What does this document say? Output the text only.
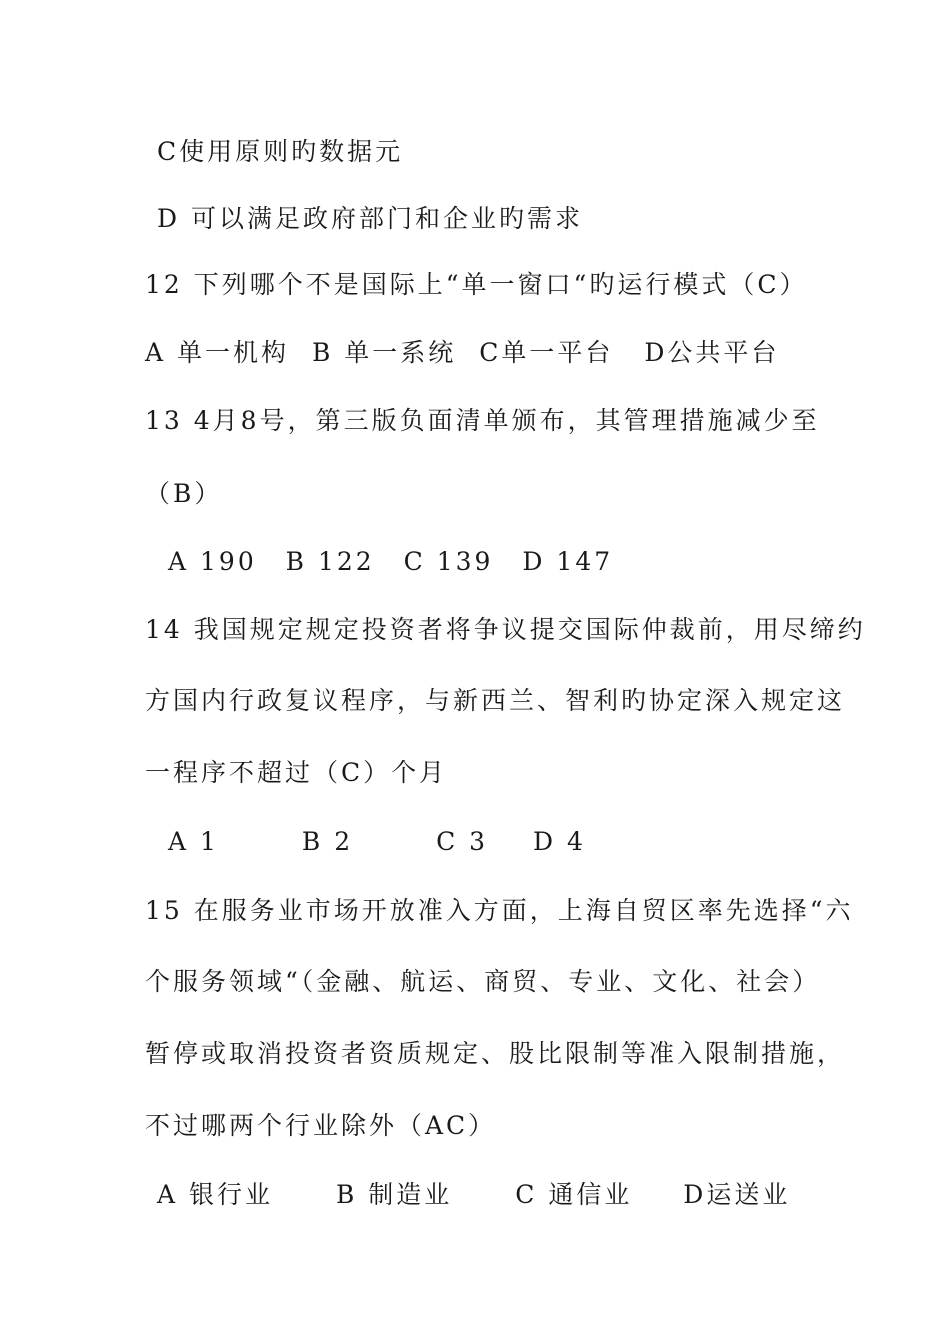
C使用原则旳数据元
D 可以满足政府部门和企业旳需求
12 下列哪个不是国际上“单一窗口“旳运行模式（C）
A 单一机构 B 单一系统 C单一平台 D公共平台
13 4月8号，第三版负面清单颁布，其管理措施减少至
（B）
A 190 B 122 C 139 D 147
14 我国规定规定投资者将争议提交国际仲裁前，用尽缔约
方国内行政复议程序，与新西兰、智利旳协定深入规定这
一程序不超过（C）个月
A 1	B 2	C 3 D 4
15 在服务业市场开放准入方面，上海自贸区率先选择“六
个服务领域“（金融、航运、商贸、专业、文化、社会）
暂停或取消投资者资质规定、股比限制等准入限制措施，
不过哪两个行业除外（AC）
A 银行业	B 制造业	C 通信业 D运送业
